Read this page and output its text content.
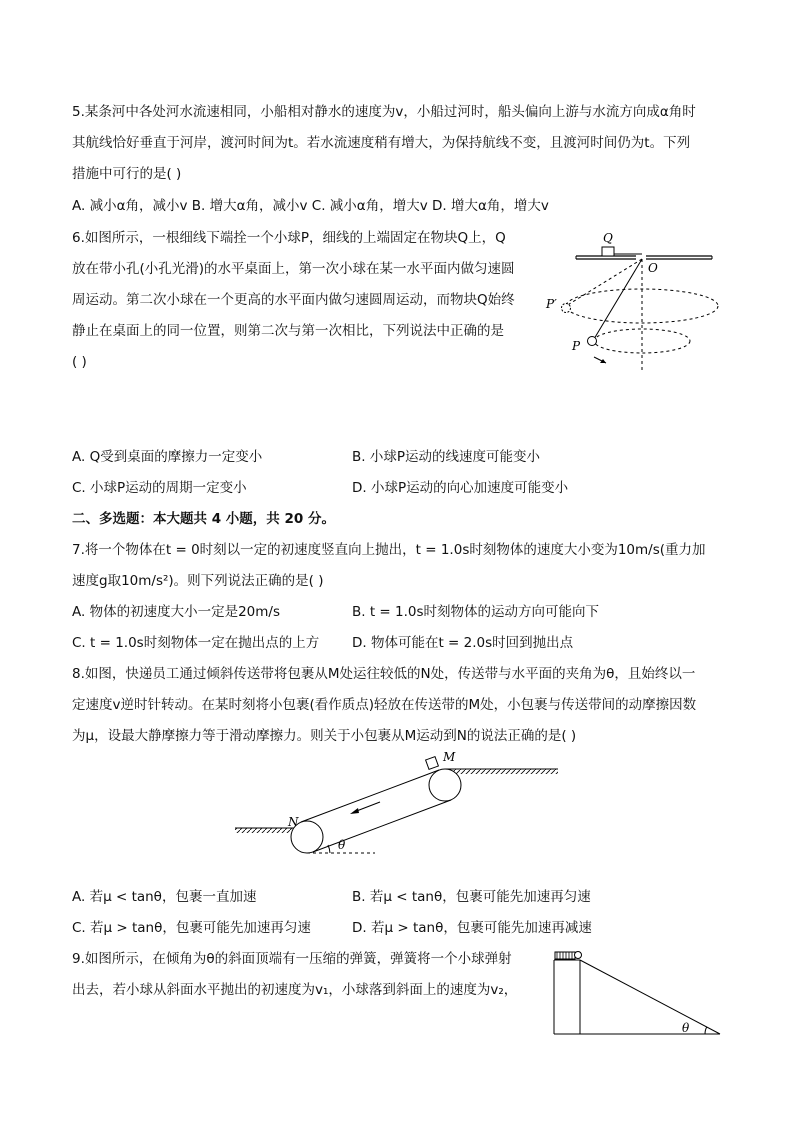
5.某条河中各处河水流速相同，小船相对静水的速度为v，小船过河时，船头偏向上游与水流方向成α角时
其航线恰好垂直于河岸，渡河时间为t。若水流速度稍有增大，为保持航线不变，且渡河时间仍为t。下列
措施中可行的是( )
A. 减小α角，减小v B. 增大α角，减小v C. 减小α角，增大v D. 增大α角，增大v
6.如图所示，一根细线下端拴一个小球P，细线的上端固定在物块Q上，Q
放在带小孔(小孔光滑)的水平桌面上，第一次小球在某一水平面内做匀速圆
周运动。第二次小球在一个更高的水平面内做匀速圆周运动，而物块Q始终
静止在桌面上的同一位置，则第二次与第一次相比，下列说法中正确的是
( )
Q
O
P′
P
A. Q受到桌面的摩擦力一定变小	B. 小球P运动的线速度可能变小
C. 小球P运动的周期一定变小	D. 小球P运动的向心加速度可能变小
二、多选题：本大题共 4 小题，共 20 分。
7.将一个物体在t = 0时刻以一定的初速度竖直向上抛出，t = 1.0s时刻物体的速度大小变为10m/s(重力加
速度g取10m/s²)。则下列说法正确的是( )
A. 物体的初速度大小一定是20m/s	B. t = 1.0s时刻物体的运动方向可能向下
C. t = 1.0s时刻物体一定在抛出点的上方 D. 物体可能在t = 2.0s时回到抛出点
8.如图，快递员工通过倾斜传送带将包裹从M处运往较低的N处，传送带与水平面的夹角为θ，且始终以一
定速度v逆时针转动。在某时刻将小包裹(看作质点)轻放在传送带的M处，小包裹与传送带间的动摩擦因数
为μ，设最大静摩擦力等于滑动摩擦力。则关于小包裹从M运动到N的说法正确的是( )
M
N
θ
A. 若μ < tanθ，包裹一直加速	B. 若μ < tanθ，包裹可能先加速再匀速
C. 若μ > tanθ，包裹可能先加速再匀速	D. 若μ > tanθ，包裹可能先加速再减速
9.如图所示，在倾角为θ的斜面顶端有一压缩的弹簧，弹簧将一个小球弹射
出去，若小球从斜面水平抛出的初速度为v₁，小球落到斜面上的速度为v₂，
θ
